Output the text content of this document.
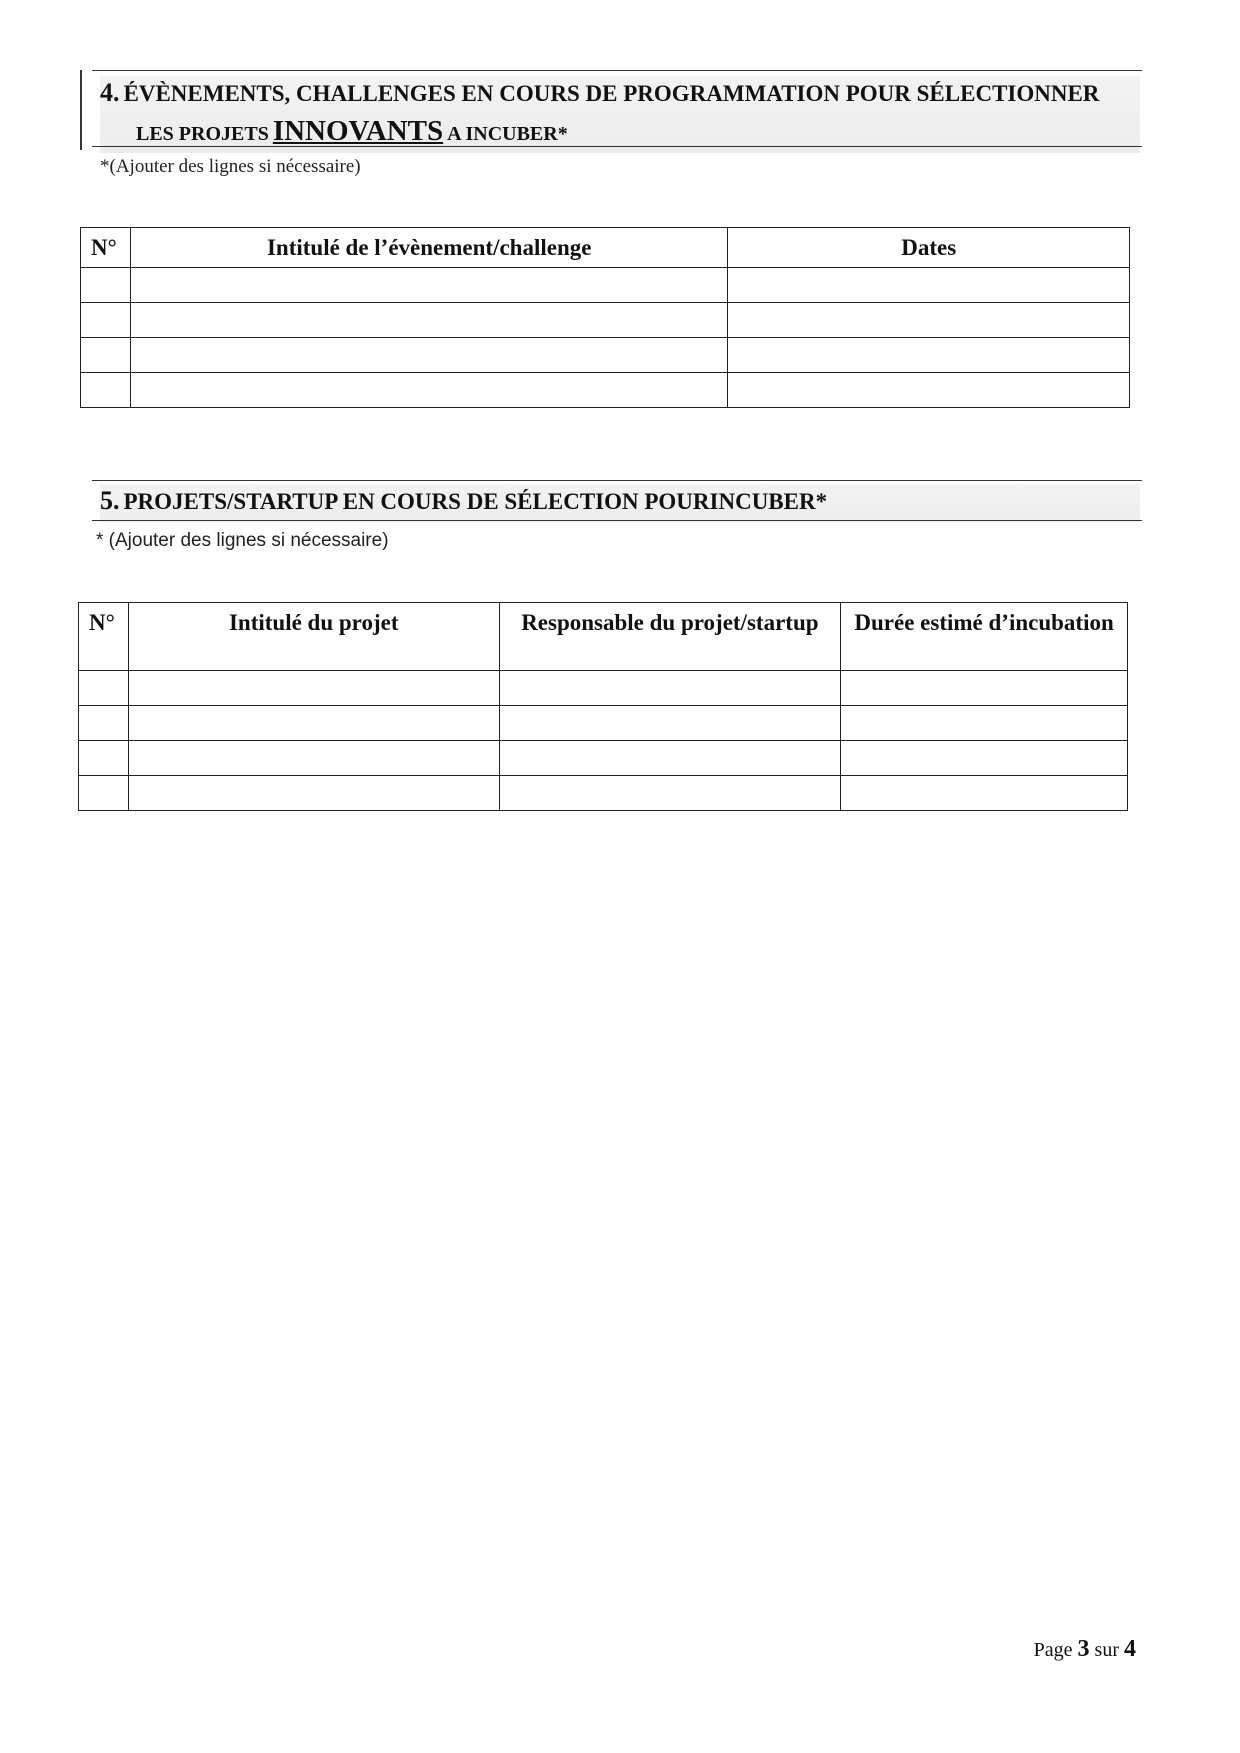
4. ÉVÈNEMENTS, CHALLENGES EN COURS DE PROGRAMMATION POUR SÉLECTIONNER
LES PROJETS INNOVANTS A INCUBER*
*(Ajouter des lignes si nécessaire)
N°	Intitulé de l’évènement/challenge	Dates

5. PROJETS/STARTUP EN COURS DE SÉLECTION POURINCUBER*
* (Ajouter des lignes si nécessaire)
N°	Intitulé du projet	Responsable du projet/startup	Durée estimé d’incubation

Page 3 sur 4
